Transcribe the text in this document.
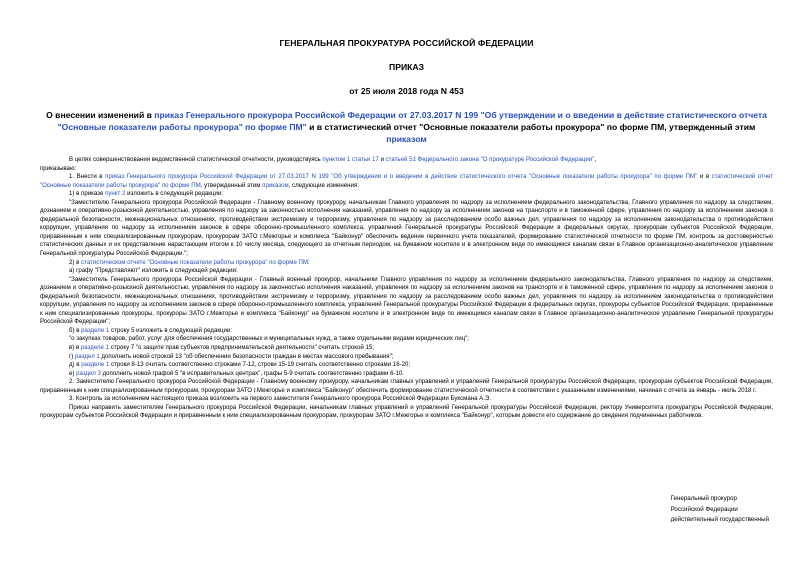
ГЕНЕРАЛЬНАЯ ПРОКУРАТУРА РОССИЙСКОЙ ФЕДЕРАЦИИ
ПРИКАЗ
от 25 июля 2018 года N 453
О внесении изменений в приказ Генерального прокурора Российской Федерации от 27.03.2017 N 199 "Об утверждении и о введении в действие статистического отчета "Основные показатели работы прокурора" по форме ПМ" и в статистический отчет "Основные показатели работы прокурора" по форме ПМ, утвержденный этим приказом

В целях совершенствования ведомственной статистической отчетности, руководствуясь пунктом 1 статьи 17 и статьей 51 Федерального закона "О прокуратуре Российской Федерации",

приказываю:

1. Внести в приказ Генерального прокурора Российской Федерации от 27.03.2017 N 199 "Об утверждении и о введении в действие статистического отчета "Основные показатели работы прокурора" по форме ПМ" и в статистический отчет "Основные показатели работы прокурора" по форме ПМ, утвержденный этим приказом, следующие изменения:

1) в приказе пункт 2 изложить в следующей редакции:

"Заместителю Генерального прокурора Российской Федерации - Главному военному прокурору, начальникам Главного управления по надзору за исполнением федерального законодательства, Главного управления по надзору за следствием, дознанием и оперативно-розыскной деятельностью, управления по надзору за законностью исполнения наказаний, управления по надзору за исполнением законов на транспорте и в таможенной сфере, управления по надзору за исполнением законов о федеральной безопасности, межнациональных отношениях, противодействии экстремизму и терроризму, управления по надзору за расследованием особо важных дел, управления по надзору за исполнением законодательства о противодействии коррупции, управления по надзору за исполнением законов в сфере оборонно-промышленного комплекса, управлений Генеральной прокуратуры Российской Федерации в федеральных округах, прокурорам субъектов Российской Федерации, приравненным к ним специализированным прокурорам, прокурорам ЗАТО г.Межгорье и комплекса "Байконур" обеспечить ведение первичного учета показателей, формирование статистической отчетности по форме ПМ, контроль за достоверностью статистических данных и их представление нарастающим итогом к 10 числу месяца, следующего за отчетным периодом, на бумажном носителе и в электронном виде по имеющимся каналам связи в Главное организационно-аналитическое управление Генеральной прокуратуры Российской Федерации.";

2) в статистическом отчете "Основные показатели работы прокурора" по форме ПМ:

а) графу "Представляют" изложить в следующей редакции:

"Заместитель Генерального прокурора Российской Федерации - Главный военный прокурор, начальники Главного управления по надзору за исполнением федерального законодательства, Главного управления по надзору за следствием, дознанием и оперативно-розыскной деятельностью, управления по надзору за законностью исполнения наказаний, управления по надзору за исполнением законов на транспорте и в таможенной сфере, управления по надзору за исполнением законов о федеральной безопасности, межнациональных отношениях, противодействии экстремизму и терроризму, управления по надзору за расследованием особо важных дел, управления по надзору за исполнением законодательства о противодействии коррупции, управления по надзору за исполнением законов в сфере оборонно-промышленного комплекса, управлений Генеральной прокуратуры Российской Федерации в федеральных округах, прокуроры субъектов Российской Федерации, приравненные к ним специализированные прокуроры, прокуроры ЗАТО г.Межгорье и комплекса "Байконур" на бумажном носителе и в электронном виде по имеющимся каналам связи в Главное организационно-аналитическое управление Генеральной прокуратуры Российской Федерации";

б) в разделе 1 строку 5 изложить в следующей редакции:

"о закупках товаров, работ, услуг для обеспечения государственных и муниципальных нужд, а также отдельными видами юридических лиц";

в) в разделе 1 строку 7 "о защите прав субъектов предпринимательской деятельности" считать строкой 15;

г) раздел 1 дополнить новой строкой 13 "об обеспечении безопасности граждан в местах массового пребывания";

д) в разделе 1 строки 8-13 считать соответственно строками 7-12, строки 15-19 считать соответственно строками 16-20;

е) раздел 3 дополнить новой графой 5 "в исправительных центрах", графы 5-9 считать соответственно графами 6-10.

2. Заместителю Генерального прокурора Российской Федерации - Главному военному прокурору, начальникам главных управлений и управлений Генеральной прокуратуры Российской Федерации, прокурорам субъектов Российской Федерации, приравненным к ним специализированным прокурорам, прокурорам ЗАТО г.Межгорье и комплекса "Байконур" обеспечить формирование статистической отчетности в соответствии с указанными изменениями, начиная с отчета за январь - июль 2018 г.

3. Контроль за исполнением настоящего приказа возложить на первого заместителя Генерального прокурора Российской Федерации Буксмана А.Э.

Приказ направить заместителям Генерального прокурора Российской Федерации, начальникам главных управлений и управлений Генеральной прокуратуры Российской Федерации, ректору Университета прокуратуры Российской Федерации, прокурорам субъектов Российской Федерации и приравненным к ним специализированным прокурорам, прокурорам ЗАТО г.Межгорье и комплекса "Байконур", которым довести его содержание до сведения подчиненных работников.

Генеральный прокурор
Российской Федерации
действительный государственный
